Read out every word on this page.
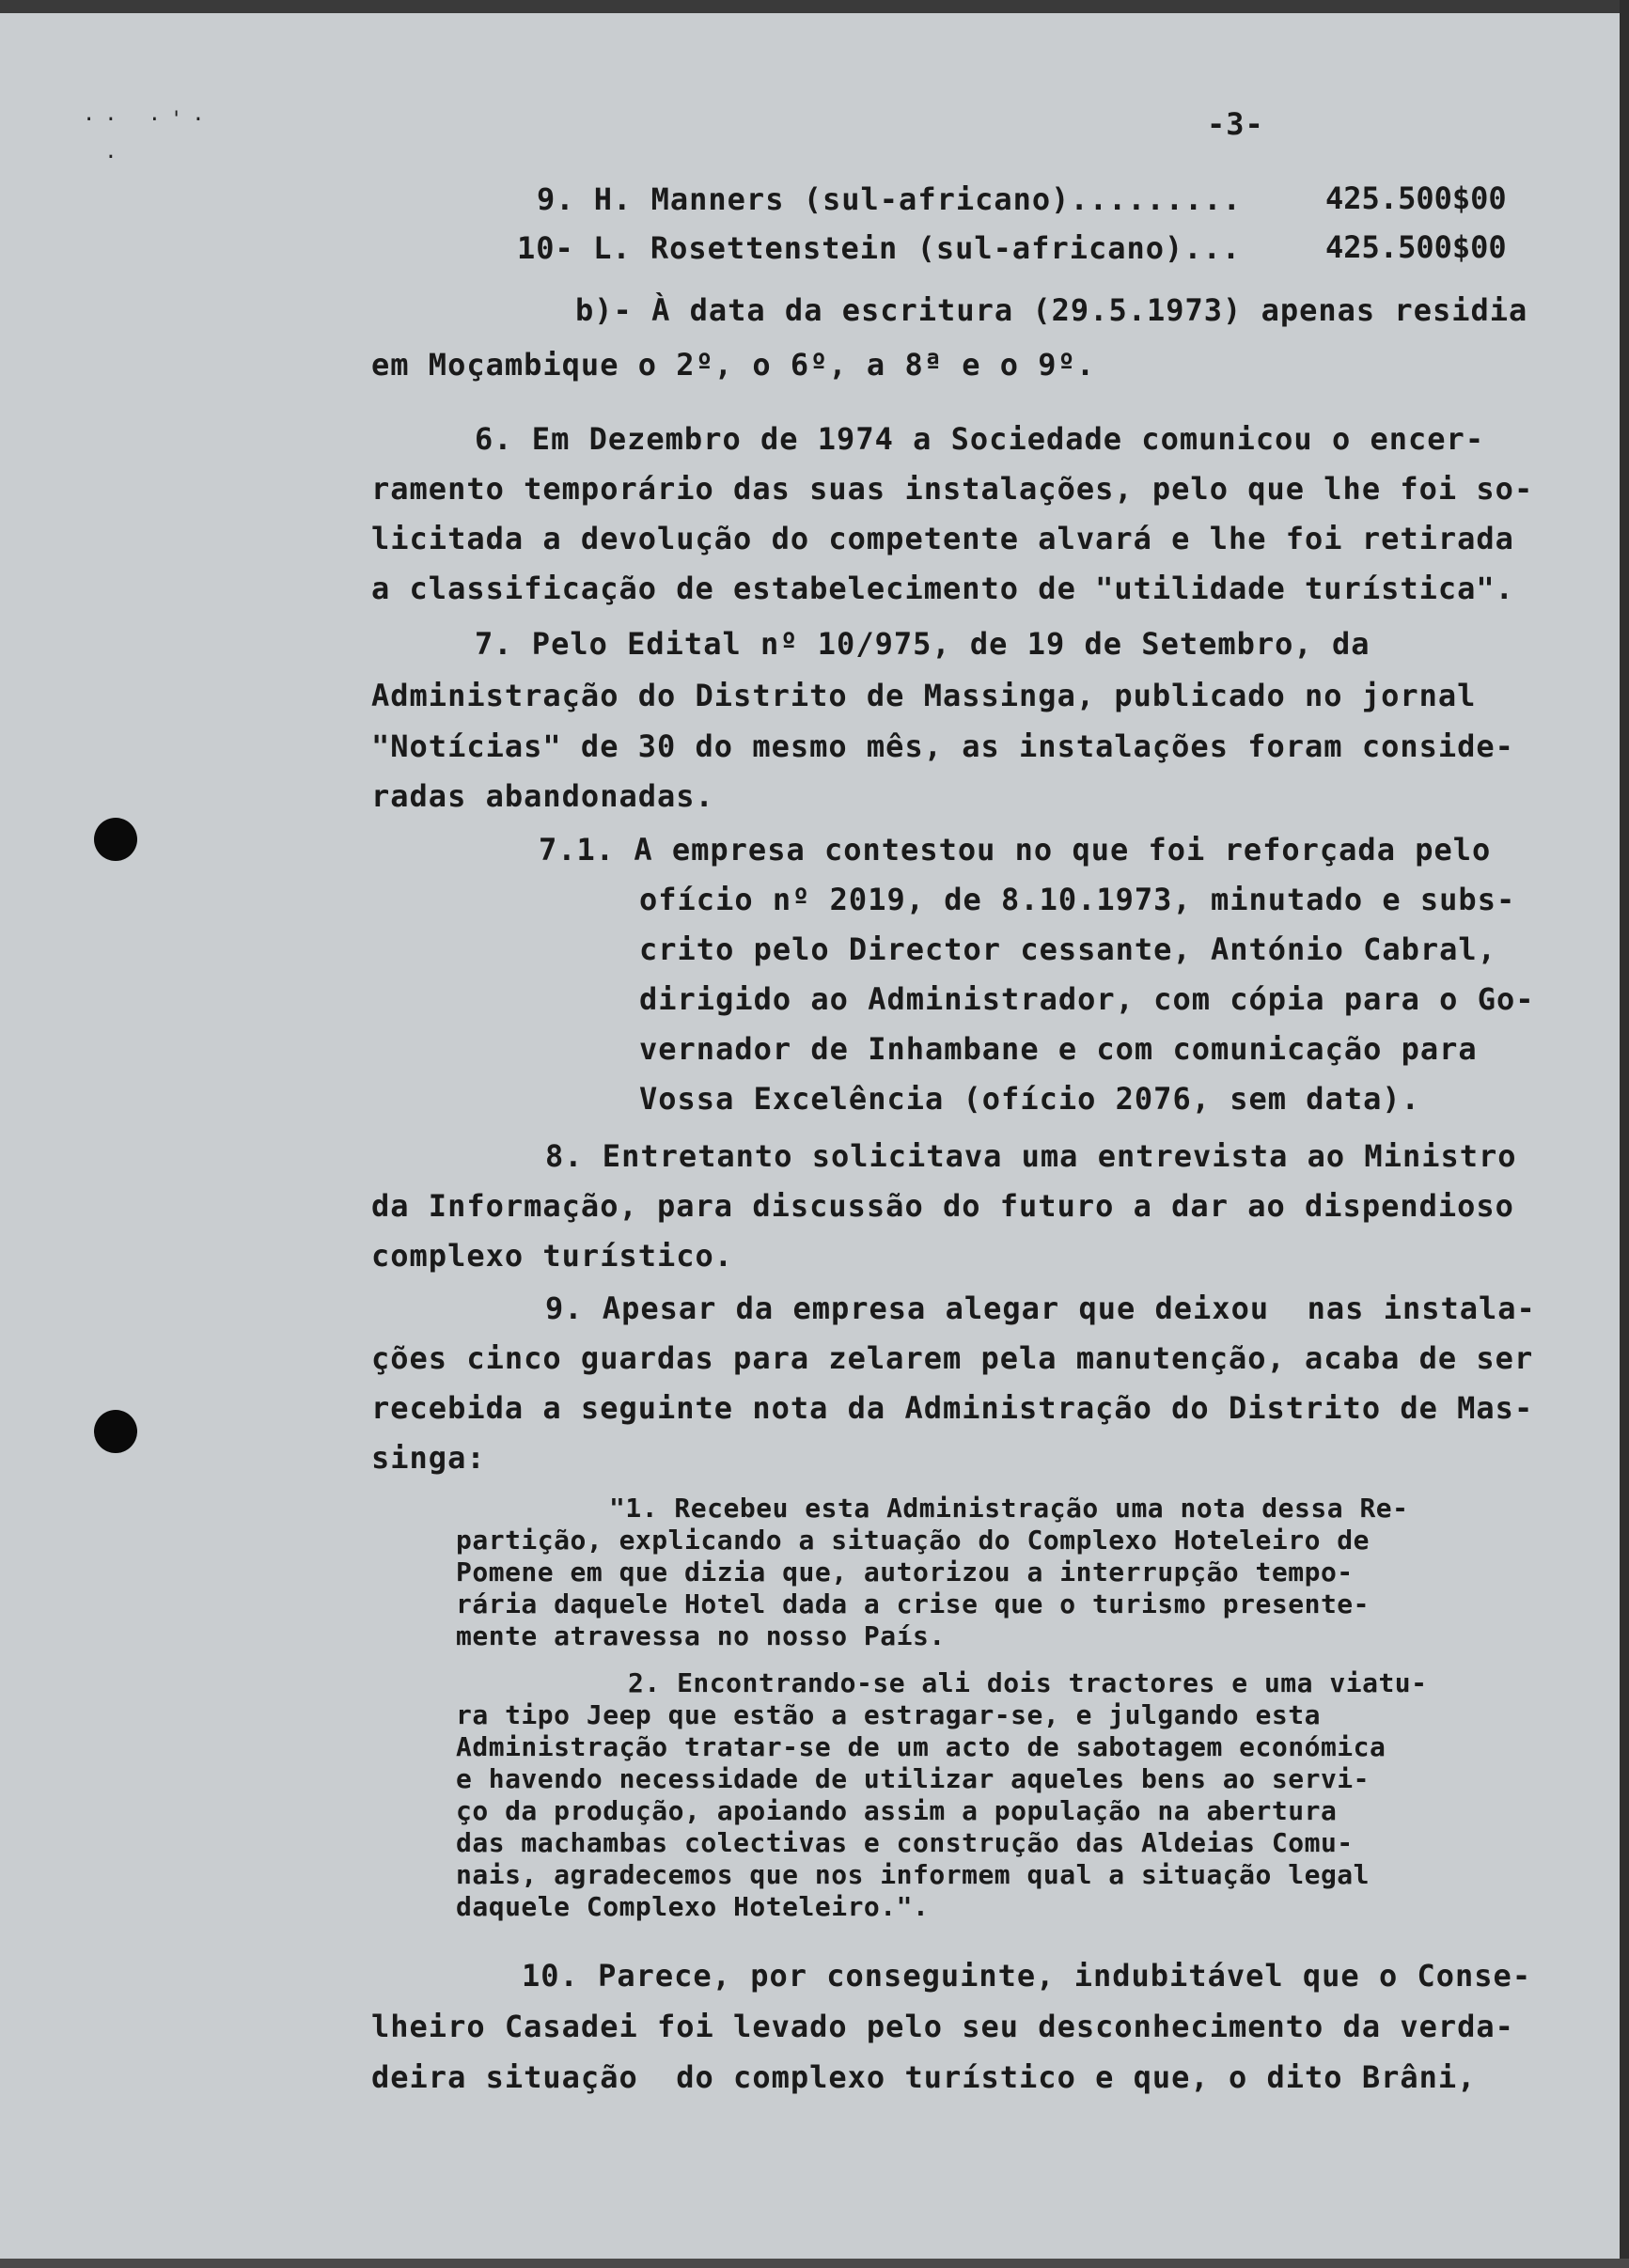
·· ·'·
·
-3-
9. H. Manners (sul-africano).........	425.500$00
10- L. Rosettenstein (sul-africano)...	425.500$00
b)- À data da escritura (29.5.1973) apenas residia
em Moçambique o 2º, o 6º, a 8ª e o 9º.
6. Em Dezembro de 1974 a Sociedade comunicou o encer-
ramento temporário das suas instalações, pelo que lhe foi so-
licitada a devolução do competente alvará e lhe foi retirada
a classificação de estabelecimento de "utilidade turística".
7. Pelo Edital nº 10/975, de 19 de Setembro, da
Administração do Distrito de Massinga, publicado no jornal
"Notícias" de 30 do mesmo mês, as instalações foram conside-
radas abandonadas.
7.1. A empresa contestou no que foi reforçada pelo
ofício nº 2019, de 8.10.1973, minutado e subs-
crito pelo Director cessante, António Cabral,
dirigido ao Administrador, com cópia para o Go-
vernador de Inhambane e com comunicação para
Vossa Excelência (ofício 2076, sem data).
8. Entretanto solicitava uma entrevista ao Ministro
da Informação, para discussão do futuro a dar ao dispendioso
complexo turístico.
9. Apesar da empresa alegar que deixou  nas instala-
ções cinco guardas para zelarem pela manutenção, acaba de ser
recebida a seguinte nota da Administração do Distrito de Mas-
singa:
"1. Recebeu esta Administração uma nota dessa Re-
partição, explicando a situação do Complexo Hoteleiro de
Pomene em que dizia que, autorizou a interrupção tempo-
rária daquele Hotel dada a crise que o turismo presente-
mente atravessa no nosso País.
2. Encontrando-se ali dois tractores e uma viatu-
ra tipo Jeep que estão a estragar-se, e julgando esta
Administração tratar-se de um acto de sabotagem económica
e havendo necessidade de utilizar aqueles bens ao servi-
ço da produção, apoiando assim a população na abertura
das machambas colectivas e construção das Aldeias Comu-
nais, agradecemos que nos informem qual a situação legal
daquele Complexo Hoteleiro.".
10. Parece, por conseguinte, indubitável que o Conse-
lheiro Casadei foi levado pelo seu desconhecimento da verda-
deira situação  do complexo turístico e que, o dito Brâni,
